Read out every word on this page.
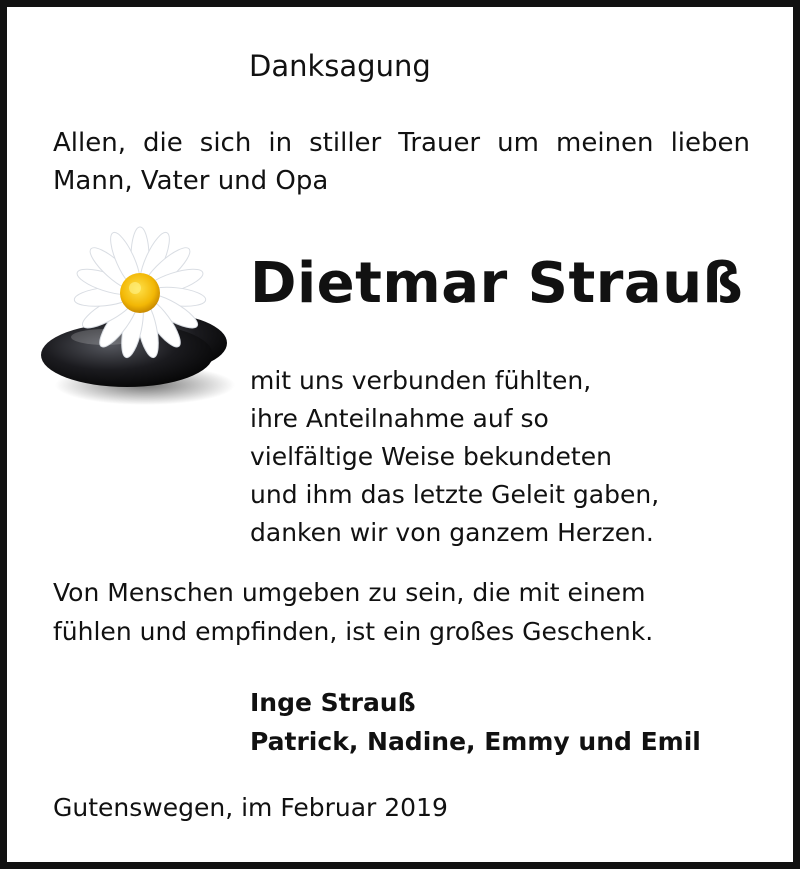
Danksagung

Allen, die sich in stiller Trauer um meinen lieben
Mann, Vater und Opa

Dietmar Strauß

mit uns verbunden fühlten,
ihre Anteilnahme auf so
vielfältige Weise bekundeten
und ihm das letzte Geleit gaben,
danken wir von ganzem Herzen.

Von Menschen umgeben zu sein, die mit einem
fühlen und empfinden, ist ein großes Geschenk.

Inge Strauß
Patrick, Nadine, Emmy und Emil

Gutenswegen, im Februar 2019
